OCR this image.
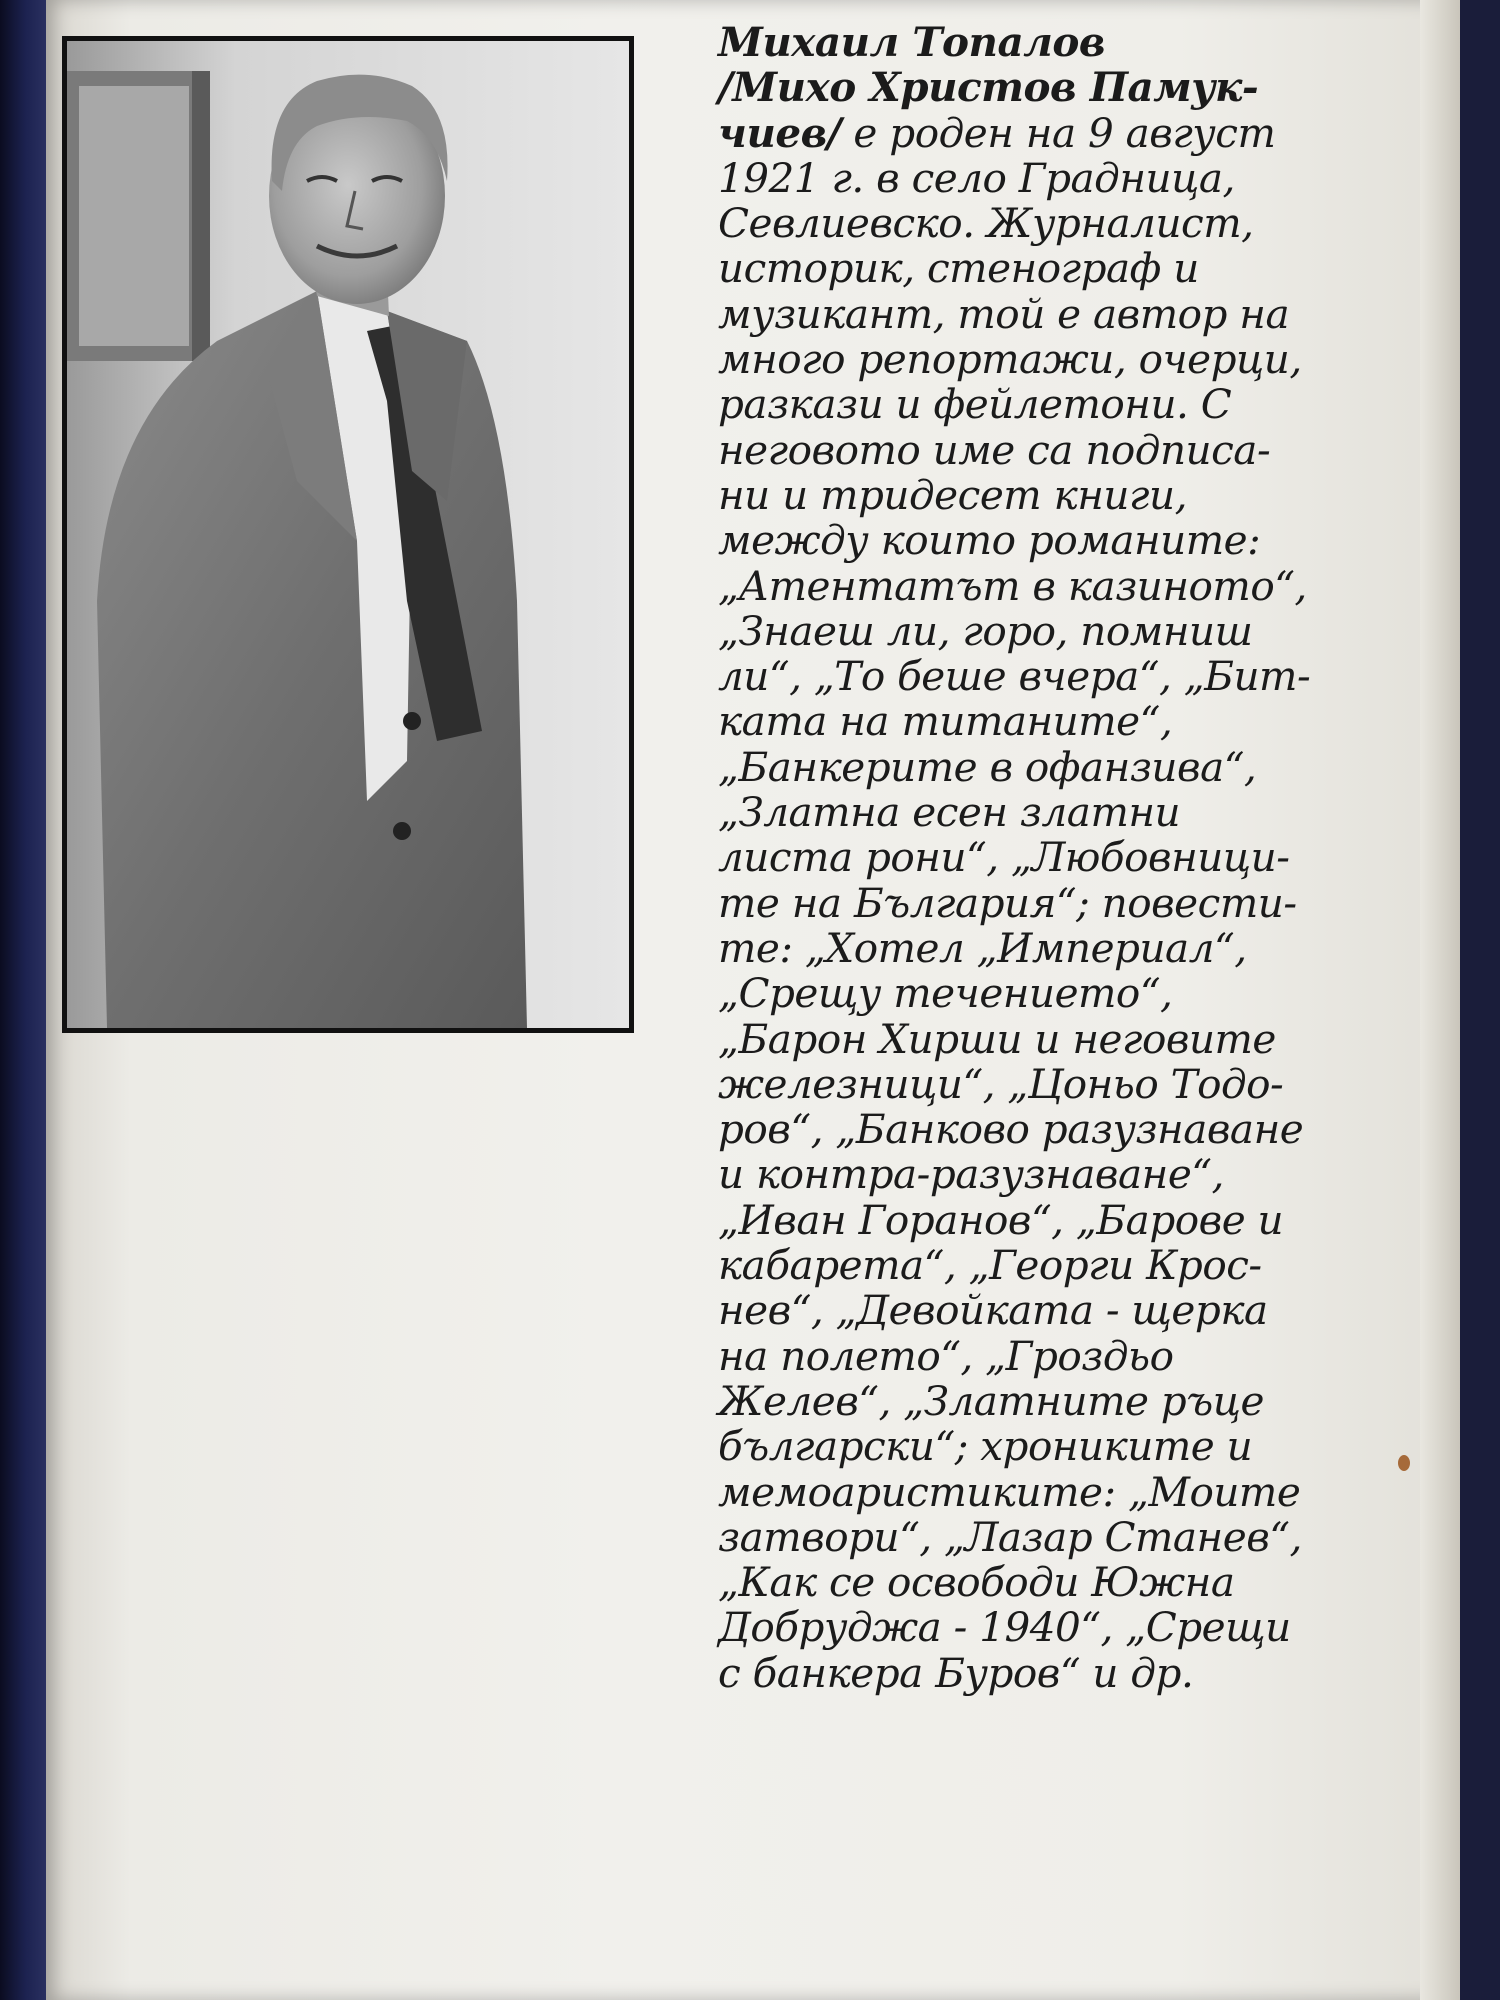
Михаил Топалов
/Михо Христов Памук-
чиев/ е роден на 9 август
1921 г. в село Градница,
Севлиевско. Журналист,
историк, стенограф и
музикант, той е автор на
много репортажи, очерци,
разкази и фейлетони. С
неговото име са подписа-
ни и тридесет книги,
между които романите:
„Атентатът в казиното“,
„Знаеш ли, горо, помниш
ли“, „То беше вчера“, „Бит-
ката на титаните“,
„Банкерите в офанзива“,
„Златна есен златни
листа рони“, „Любовници-
те на България“; повести-
те: „Хотел „Империал“,
„Срещу течението“,
„Барон Хирши и неговите
железници“, „Цоньо Тодо-
ров“, „Банково разузнаване
и контра-разузнаване“,
„Иван Горанов“, „Барове и
кабарета“, „Георги Крос-
нев“, „Девойката - щерка
на полето“, „Гроздьо
Желев“, „Златните ръце
български“; хрониките и
мемоаристиките: „Моите
затвори“, „Лазар Станев“,
„Как се освободи Южна
Добруджа - 1940“, „Срещи
с банкера Буров“ и др.
